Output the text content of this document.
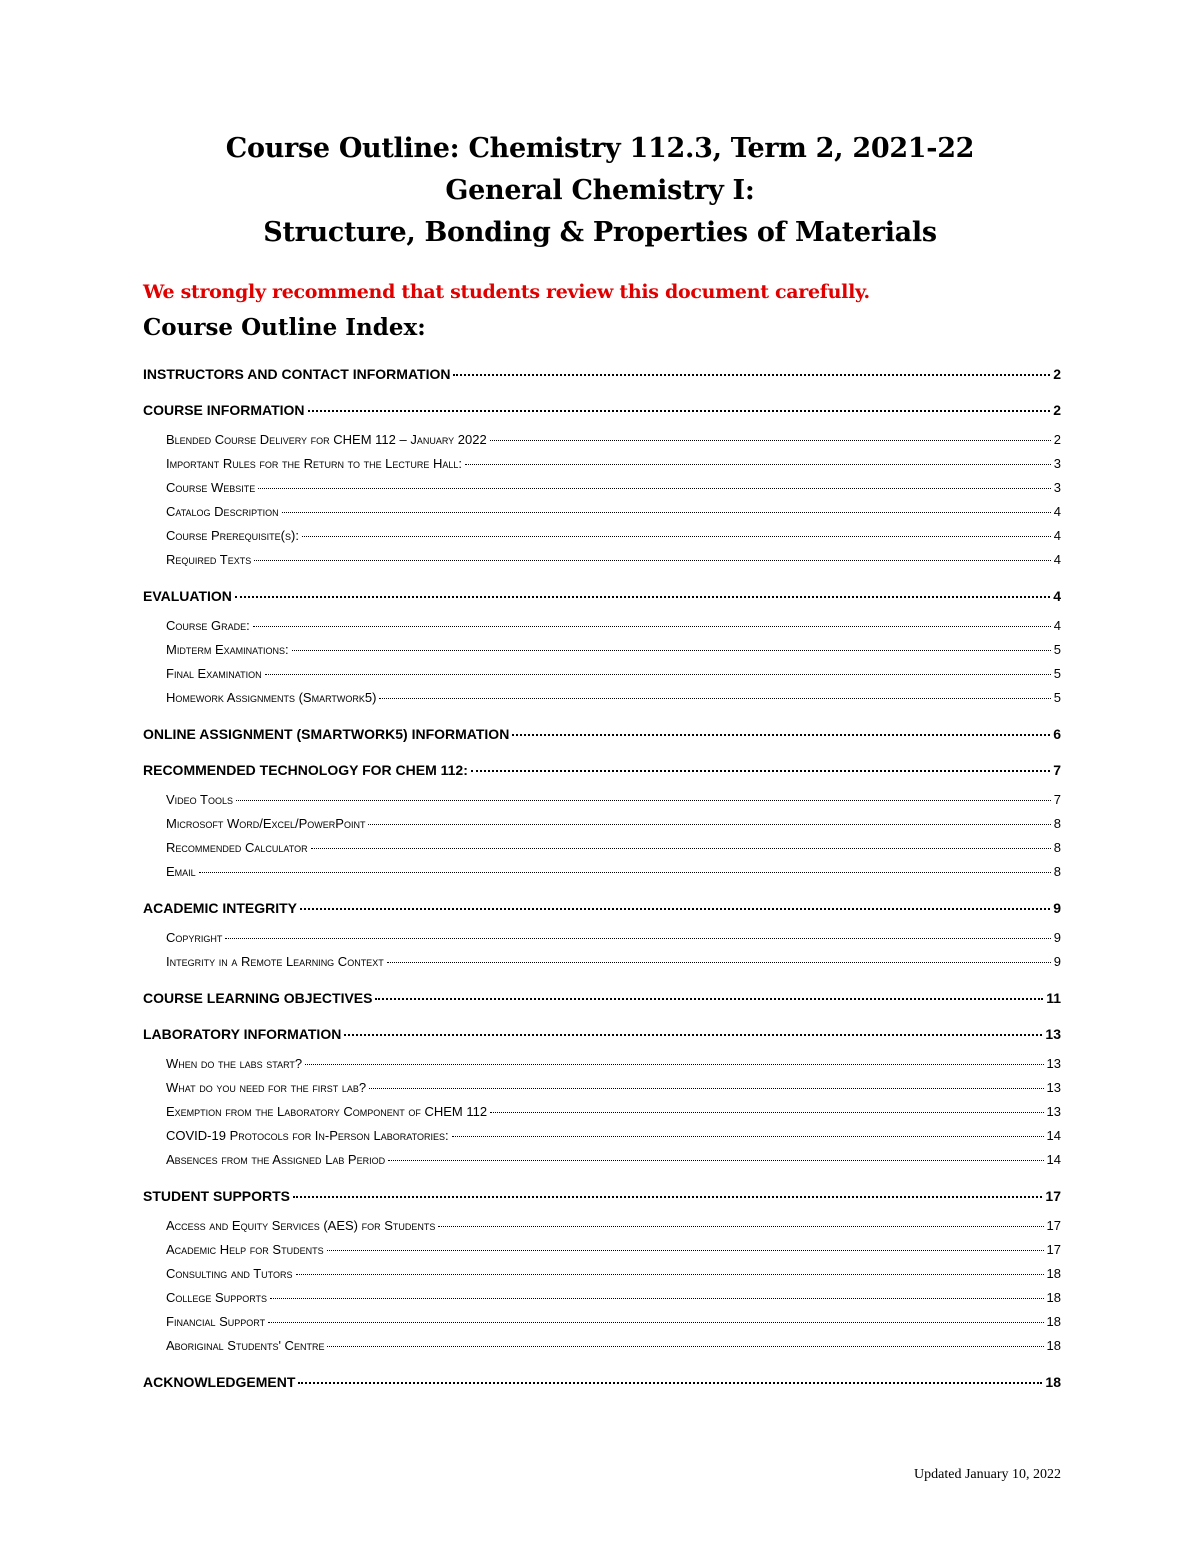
Course Outline: Chemistry 112.3, Term 2, 2021-22
General Chemistry I:
Structure, Bonding & Properties of Materials
We strongly recommend that students review this document carefully.
Course Outline Index:
INSTRUCTORS AND CONTACT INFORMATION	2
COURSE INFORMATION	2
Blended Course Delivery for CHEM 112 – January 2022	2
Important Rules for the Return to the Lecture Hall:	3
Course Website	3
Catalog Description	4
Course Prerequisite(s):	4
Required Texts	4
EVALUATION	4
Course Grade:	4
Midterm Examinations:	5
Final Examination	5
Homework Assignments (Smartwork5)	5
ONLINE ASSIGNMENT (SMARTWORK5) INFORMATION	6
RECOMMENDED TECHNOLOGY FOR CHEM 112:	7
Video Tools	7
Microsoft Word/Excel/PowerPoint	8
Recommended Calculator	8
Email	8
ACADEMIC INTEGRITY	9
Copyright	9
Integrity in a Remote Learning Context	9
COURSE LEARNING OBJECTIVES	11
LABORATORY INFORMATION	13
When do the labs start?	13
What do you need for the first lab?	13
Exemption from the Laboratory Component of CHEM 112	13
COVID-19 Protocols for In-Person Laboratories:	14
Absences from the Assigned Lab Period	14
STUDENT SUPPORTS	17
Access and Equity Services (AES) for Students	17
Academic Help for Students	17
Consulting and Tutors	18
College Supports	18
Financial Support	18
Aboriginal Students' Centre	18
ACKNOWLEDGEMENT	18
Updated January 10, 2022
